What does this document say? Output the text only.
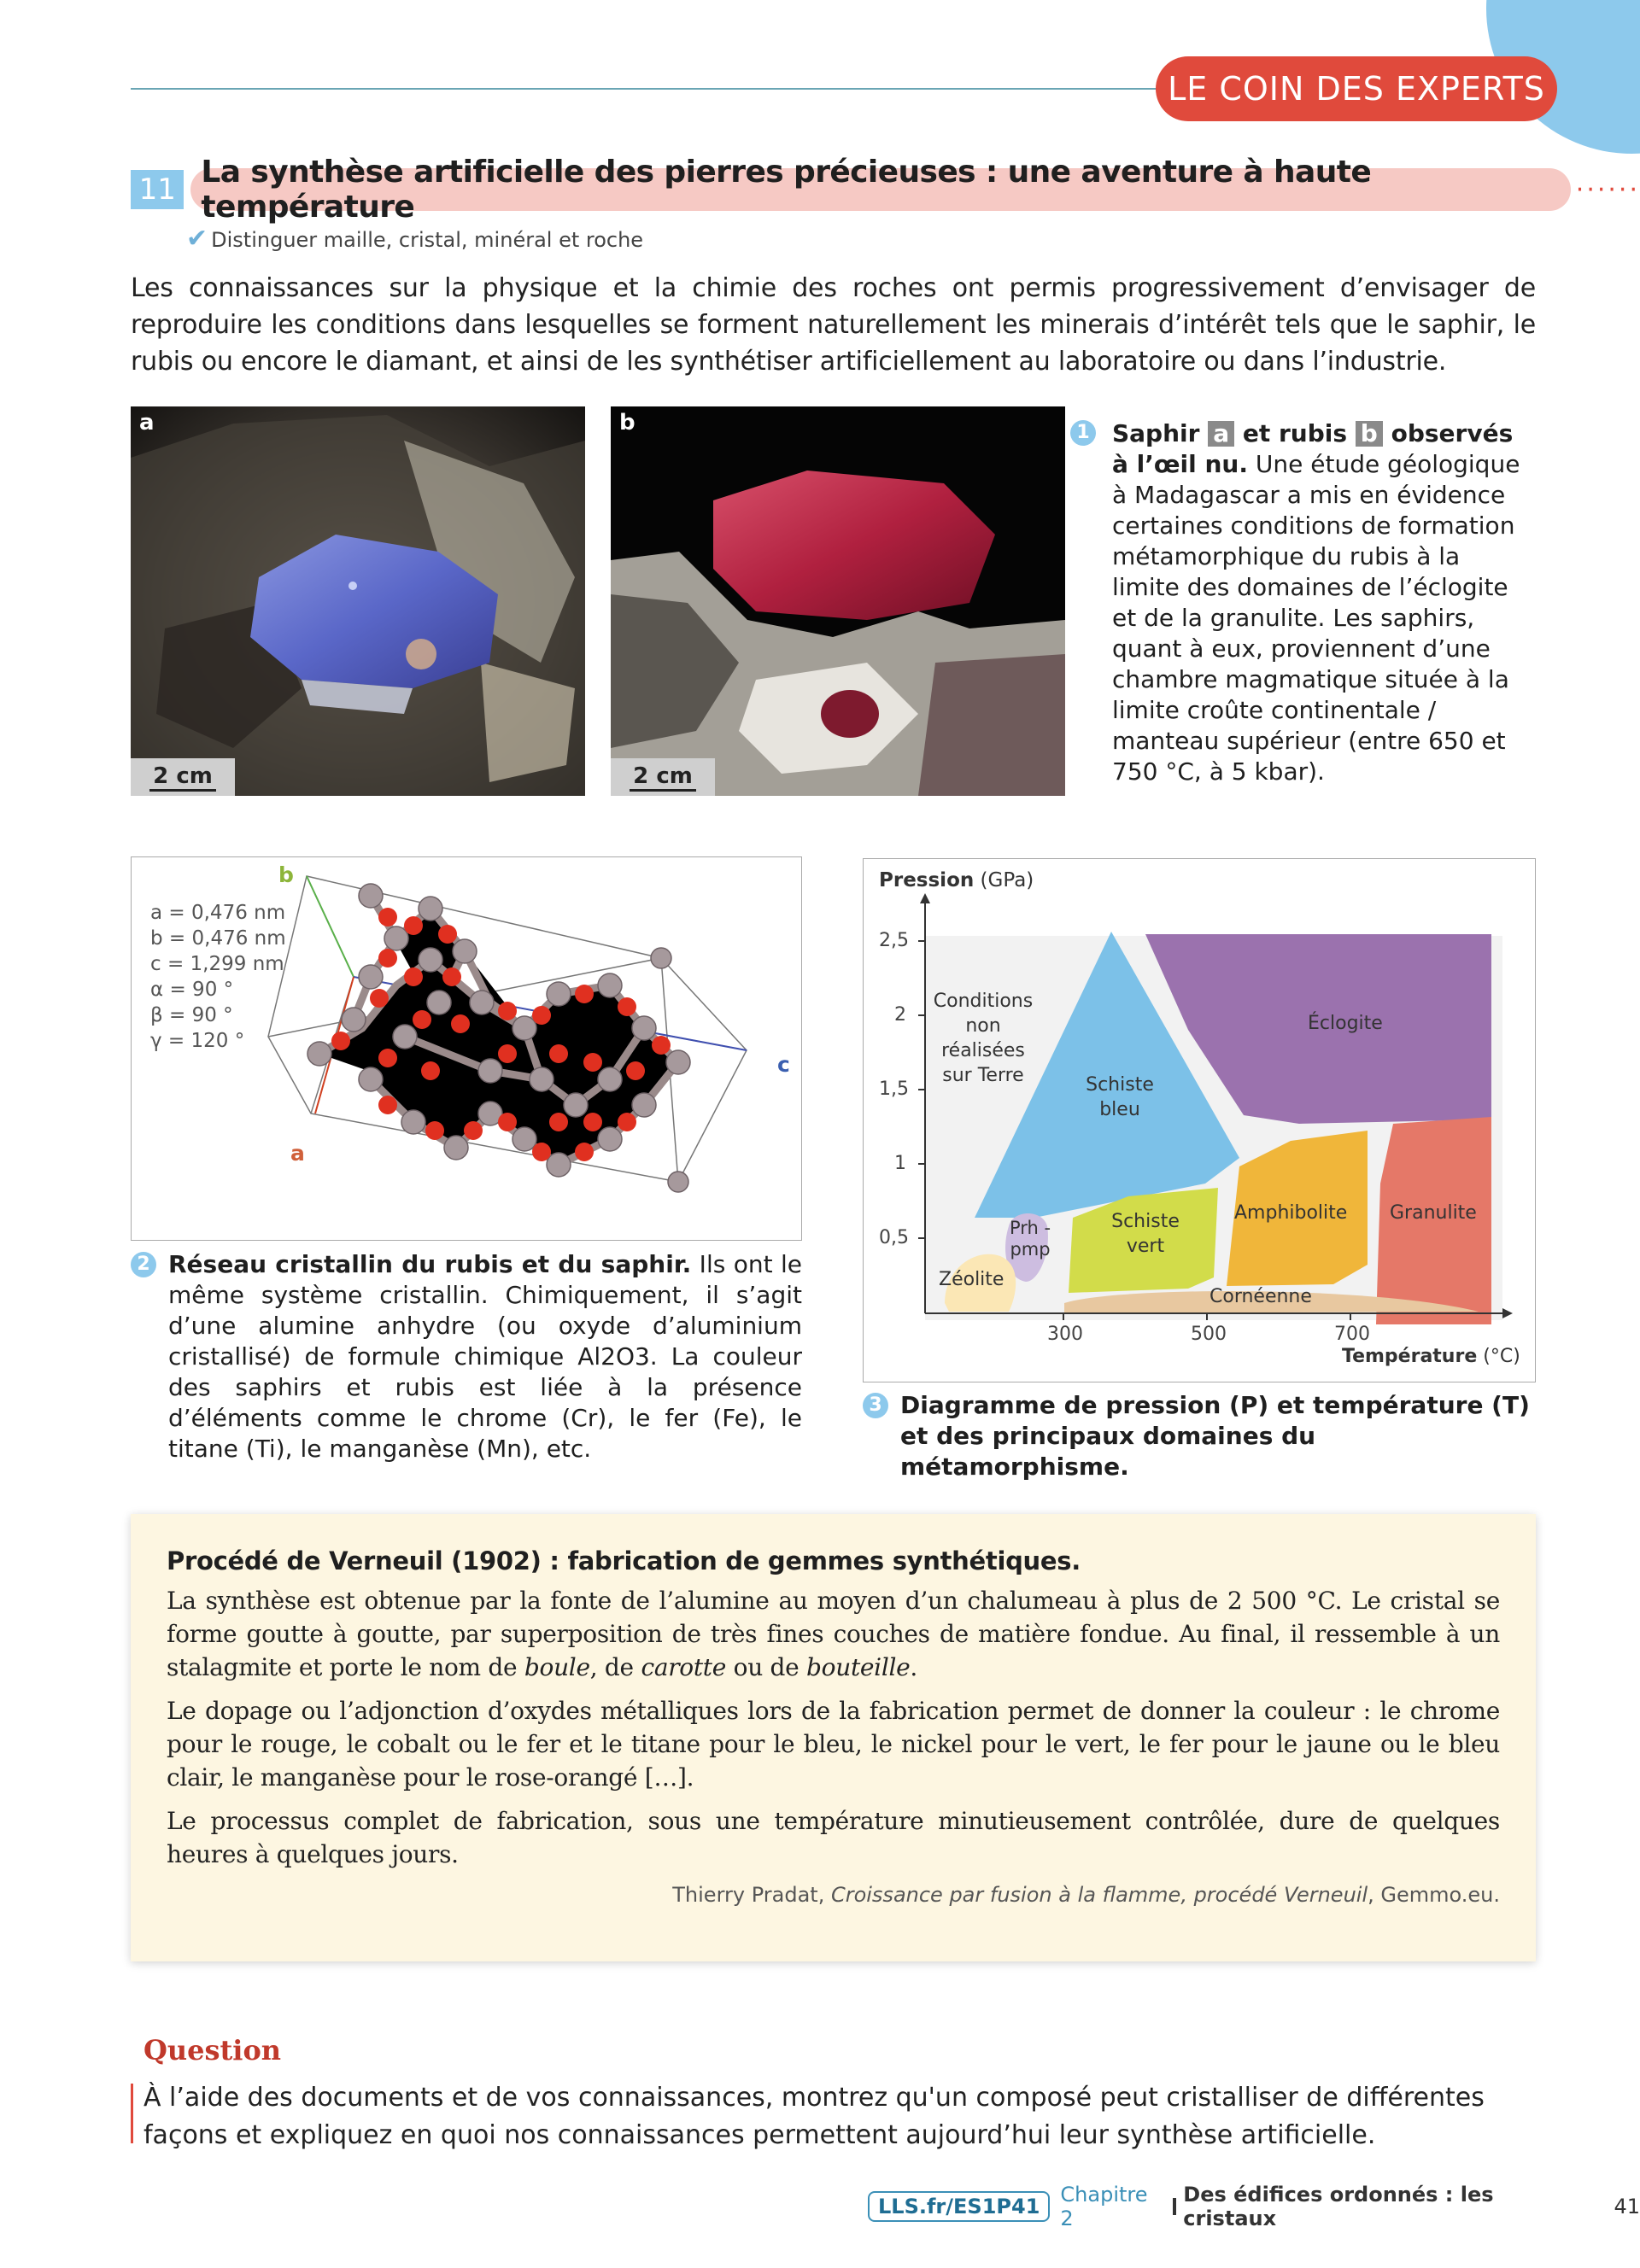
LE COIN DES EXPERTS
11 La synthèse artificielle des pierres précieuses : une aventure à haute température	······
✔ Distinguer maille, cristal, minéral et roche
Les connaissances sur la physique et la chimie des roches ont permis progressivement d’envisager de reproduire les conditions dans lesquelles se forment naturellement les minerais d’intérêt tels que le saphir, le rubis ou encore le diamant, et ainsi de les synthétiser artificiellement au laboratoire ou dans l’industrie.
a
2 cm
b
2 cm
1 Saphir a et rubis b observés à l’œil nu. Une étude géologique à Madagascar a mis en évidence certaines conditions de formation métamorphique du rubis à la limite des domaines de l’éclogite et de la granulite. Les saphirs, quant à eux, proviennent d’une chambre magmatique située à la limite croûte continentale / manteau supérieur (entre 650 et 750 °C, à 5 kbar).
a = 0,476 nm
b = 0,476 nm
c = 1,299 nm
α = 90 °
β = 90 °
γ = 120 °
b
c
a
2 Réseau cristallin du rubis et du saphir. Ils ont le même système cristallin. Chimiquement, il s’agit d’une alumine anhydre (ou oxyde d’aluminium cristallisé) de formule chimique Al2O3. La couleur des saphirs et rubis est liée à la présence d’éléments comme le chrome (Cr), le fer (Fe), le titane (Ti), le manganèse (Mn), etc.
Pression (GPa)
2,5
2
1,5
1
0,5
300	500	700
Température (°C)
Conditions
non
réalisées
sur Terre	Schiste
bleu
Éclogite
Prh -
pmp
Schiste
vert
Amphibolite Granulite
Zéolite
Cornéenne
3 Diagramme de pression (P) et température (T) et des principaux domaines du métamorphisme.
Procédé de Verneuil (1902) : fabrication de gemmes synthétiques.

La synthèse est obtenue par la fonte de l’alumine au moyen d’un chalumeau à plus de 2 500 °C. Le cristal se forme goutte à goutte, par superposition de très fines couches de matière fondue. Au final, il ressemble à un stalagmite et porte le nom de boule, de carotte ou de bouteille.

Le dopage ou l’adjonction d’oxydes métalliques lors de la fabrication permet de donner la couleur : le chrome pour le rouge, le cobalt ou le fer et le titane pour le bleu, le nickel pour le vert, le fer pour le jaune ou le bleu clair, le manganèse pour le rose-orangé […].

Le processus complet de fabrication, sous une température minutieusement contrôlée, dure de quelques heures à quelques jours.

Thierry Pradat, Croissance par fusion à la flamme, procédé Verneuil, Gemmo.eu.
Question
À l’aide des documents et de vos connaissances, montrez qu'un composé peut cristalliser de différentes façons et expliquez en quoi nos connaissances permettent aujourd’hui leur synthèse artificielle.
LLS.fr/ES1P41	Chapitre 2
Des édifices ordonnés : les cristaux	41
